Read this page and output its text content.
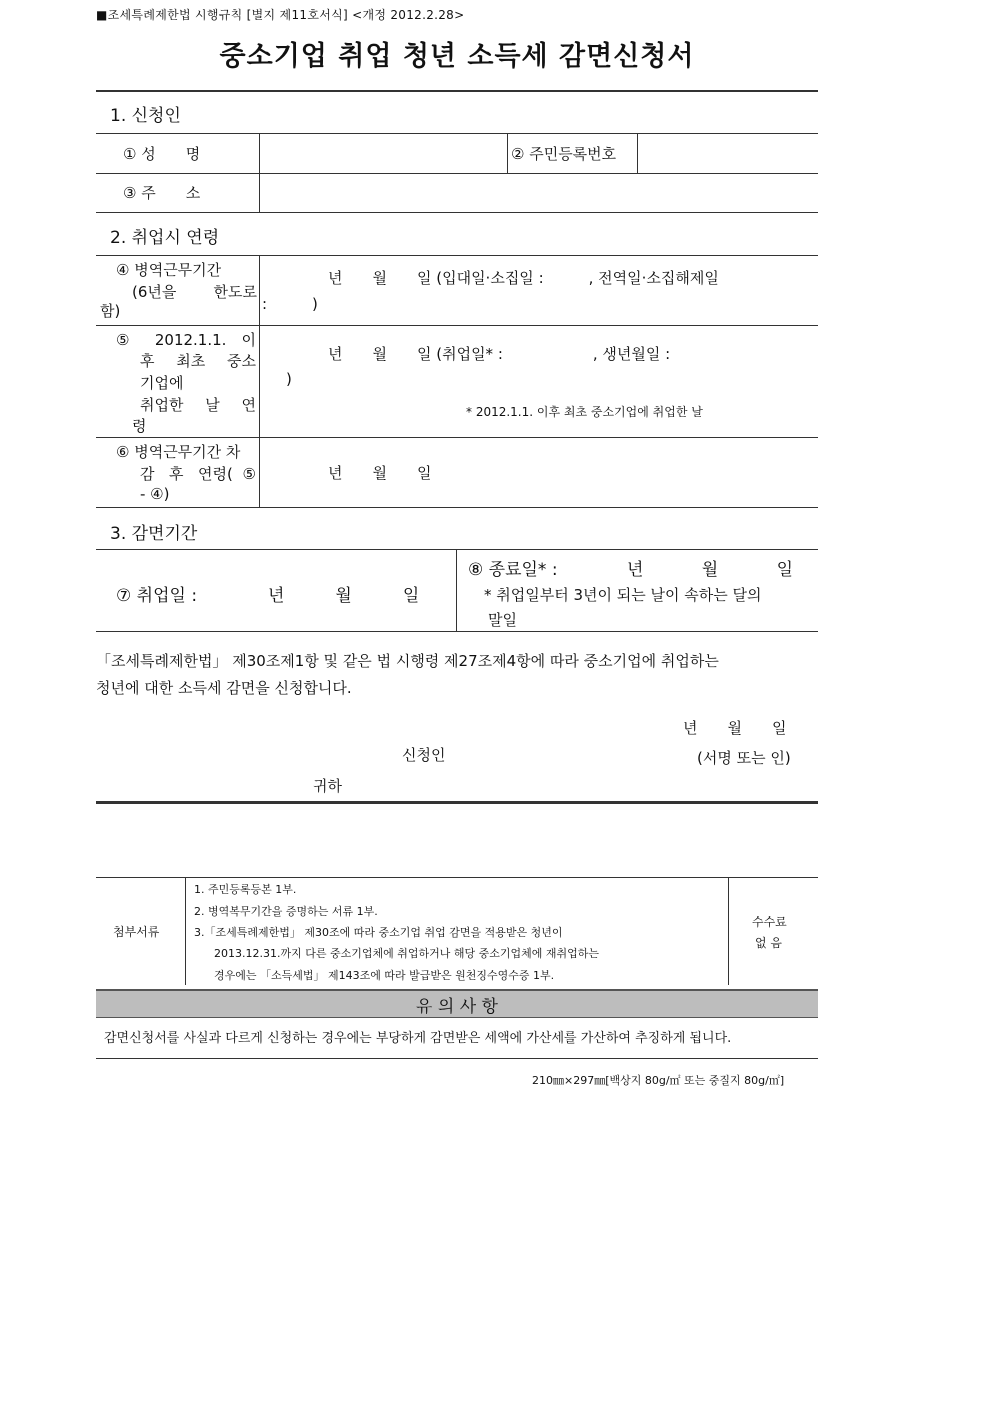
■조세특례제한법 시행규칙 [별지 제11호서식] <개정 2012.2.28>
중소기업 취업 청년 소득세 감면신청서
1. 신청인
① 성　　명	② 주민등록번호
③ 주　　소
2. 취업시 연령
④ 병역근무기간
(6년을 한도로
함)
년　　월　　일 (입대일·소집일 :　　　, 전역일·소집해제일
:　　　)
⑤ 2012.1.1. 이
후 최초 중소
기업에
취업한 날 연
령
년　　월　　일 (취업일* :　　　　　　, 생년월일 :
)
* 2012.1.1. 이후 최초 중소기업에 취업한 날
⑥ 병역근무기간 차
감 후 연령(⑤
- ④)
년　　월　　일
3. 감면기간
⑦ 취업일 :	년　　　월　　　일
⑧ 종료일* :	년　　월　　일
* 취업일부터 3년이 되는 날이 속하는 달의
말일
「조세특례제한법」 제30조제1항 및 같은 법 시행령 제27조제4항에 따라 중소기업에 취업하는
청년에 대한 소득세 감면을 신청합니다.
년　　월　　일
신청인	(서명 또는 인)
귀하
첨부서류
1. 주민등록등본 1부.
2. 병역복무기간을 증명하는 서류 1부.
3.「조세특례제한법」 제30조에 따라 중소기업 취업 감면을 적용받은 청년이
2013.12.31.까지 다른 중소기업체에 취업하거나 해당 중소기업체에 재취업하는
경우에는 「소득세법」 제143조에 따라 발급받은 원천징수영수증 1부.
수수료
없 음
유 의 사 항
감면신청서를 사실과 다르게 신청하는 경우에는 부당하게 감면받은 세액에 가산세를 가산하여 추징하게 됩니다.
210㎜×297㎜[백상지 80g/㎡ 또는 중질지 80g/㎡]
